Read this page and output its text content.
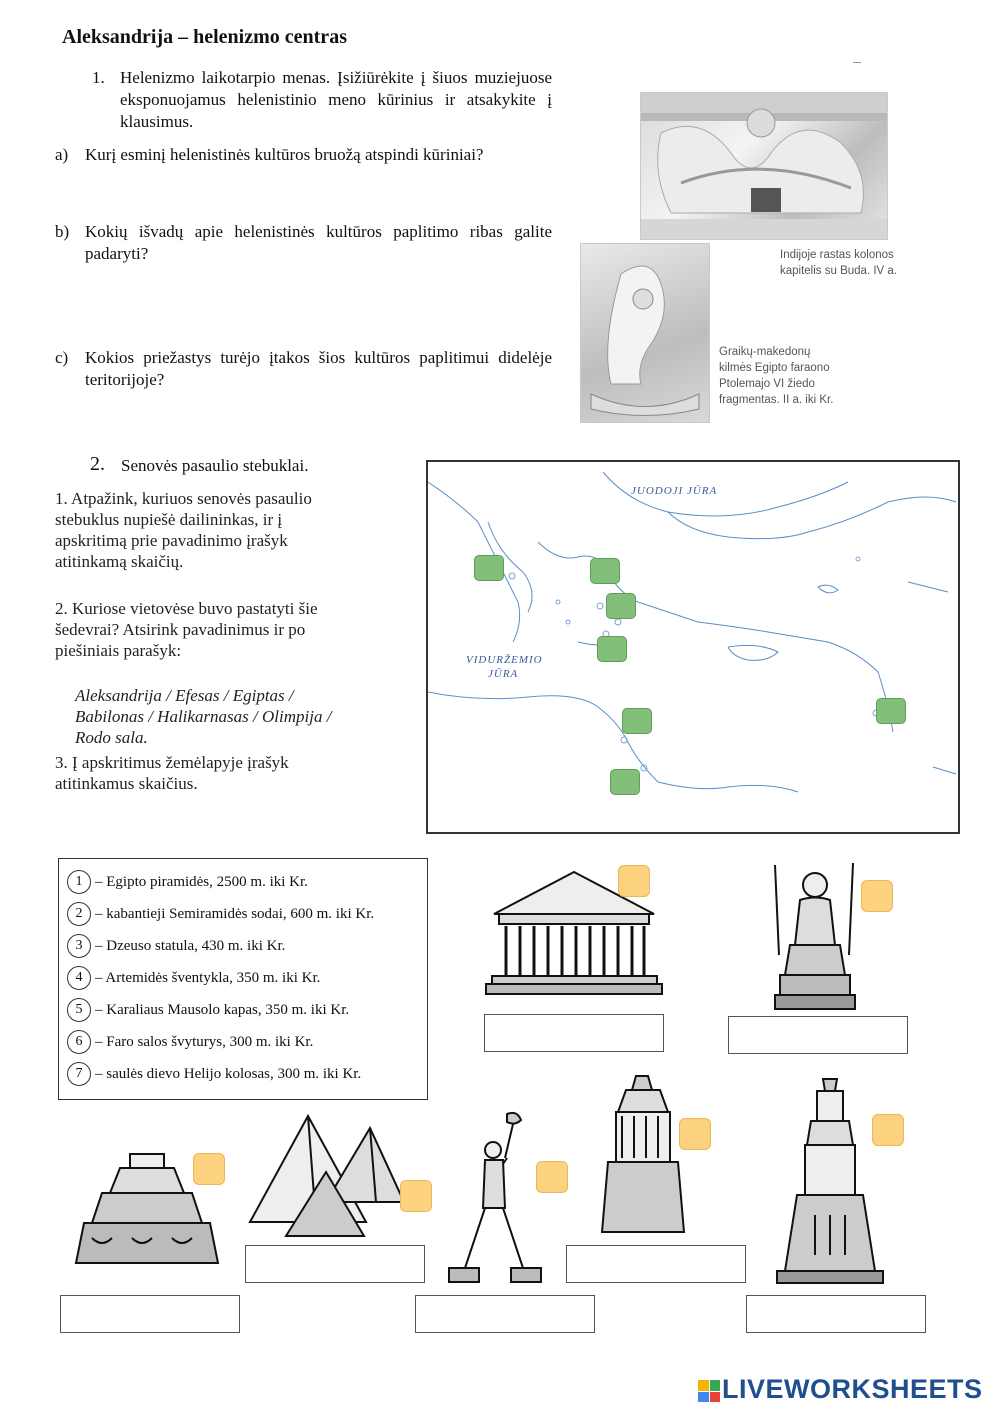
Aleksandrija – helenizmo centras
1. Helenizmo laikotarpio menas. Įsižiūrėkite į šiuos muziejuose eksponuojamus helenistinio meno kūrinius ir atsakykite į klausimus.
a) Kurį esminį helenistinės kultūros bruožą atspindi kūriniai?
b) Kokių išvadų apie helenistinės kultūros paplitimo ribas galite padaryti?
c) Kokios priežastys turėjo įtakos šios kultūros paplitimui didelėje teritorijoje?
Indijoje rastas kolonos kapitelis su Buda. IV a.
Graikų-makedonų kilmės Egipto faraono Ptolemajo VI žiedo fragmentas. II a. iki Kr.
2. Senovės pasaulio stebuklai.
1. Atpažink, kuriuos senovės pasaulio stebuklus nupiešė dailininkas, ir į apskritimą prie pavadinimo įrašyk atitinkamą skaičių.
2. Kuriose vietovėse buvo pastatyti šie šedevrai? Atsirink pavadinimus ir po piešiniais parašyk:
Aleksandrija / Efesas / Egiptas / Babilonas / Halikarnasas / Olimpija / Rodo sala.
3. Į apskritimus žemėlapyje įrašyk atitinkamus skaičius.
JUODOJI JŪRA
VIDURŽEMIO
JŪRA
1 – Egipto piramidės, 2500 m. iki Kr.
2 – kabantieji Semiramidės sodai, 600 m. iki Kr.
3 – Dzeuso statula, 430 m. iki Kr.
4 – Artemidės šventykla, 350 m. iki Kr.
5 – Karaliaus Mausolo kapas, 350 m. iki Kr.
6 – Faro salos švyturys, 300 m. iki Kr.
7 – saulės dievo Helijo kolosas, 300 m. iki Kr.
LIVEWORKSHEETS
